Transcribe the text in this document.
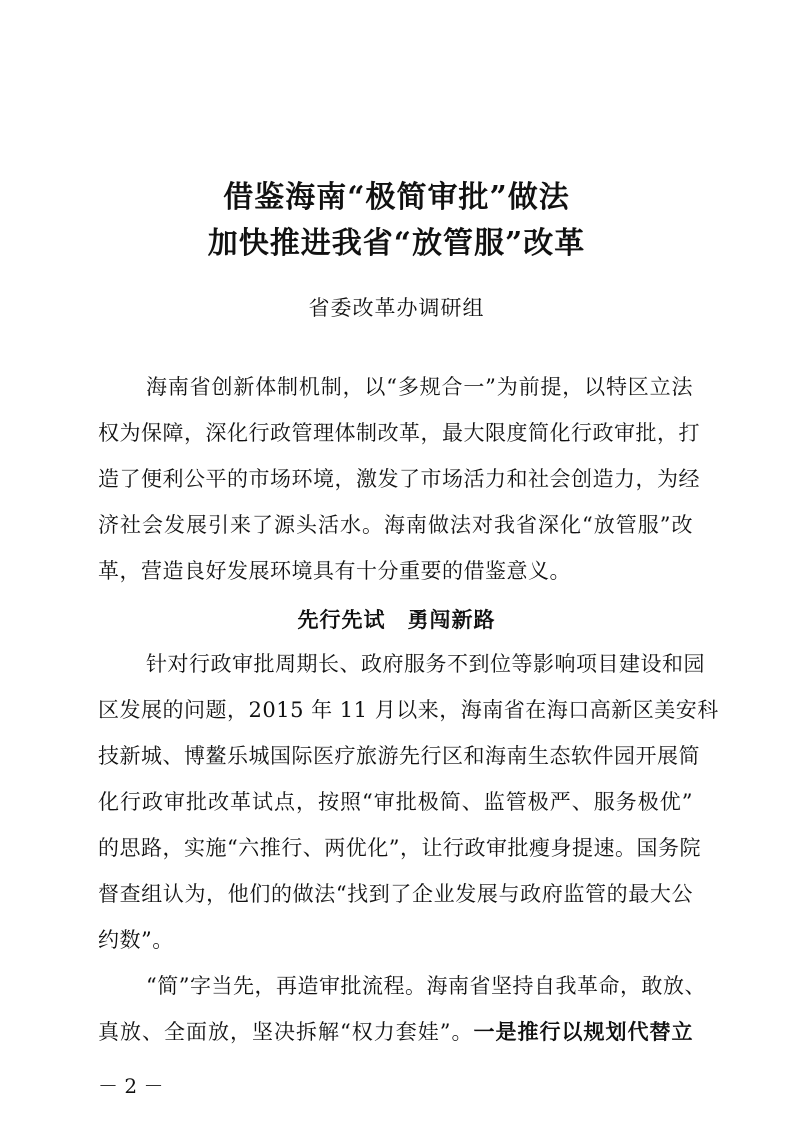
借鉴海南“极简审批”做法
加快推进我省“放管服”改革
省委改革办调研组
海南省创新体制机制，以“多规合一”为前提，以特区立法
权为保障，深化行政管理体制改革，最大限度简化行政审批，打
造了便利公平的市场环境，激发了市场活力和社会创造力，为经
济社会发展引来了源头活水。海南做法对我省深化“放管服”改
革，营造良好发展环境具有十分重要的借鉴意义。
先行先试　勇闯新路
针对行政审批周期长、政府服务不到位等影响项目建设和园
区发展的问题，2015 年 11 月以来，海南省在海口高新区美安科
技新城、博鳌乐城国际医疗旅游先行区和海南生态软件园开展简
化行政审批改革试点，按照“审批极简、监管极严、服务极优”
的思路，实施“六推行、两优化”，让行政审批瘦身提速。国务院
督查组认为，他们的做法“找到了企业发展与政府监管的最大公
约数”。
“简”字当先，再造审批流程。海南省坚持自我革命，敢放、
真放、全面放，坚决拆解“权力套娃”。一是推行以规划代替立
－ 2 －
